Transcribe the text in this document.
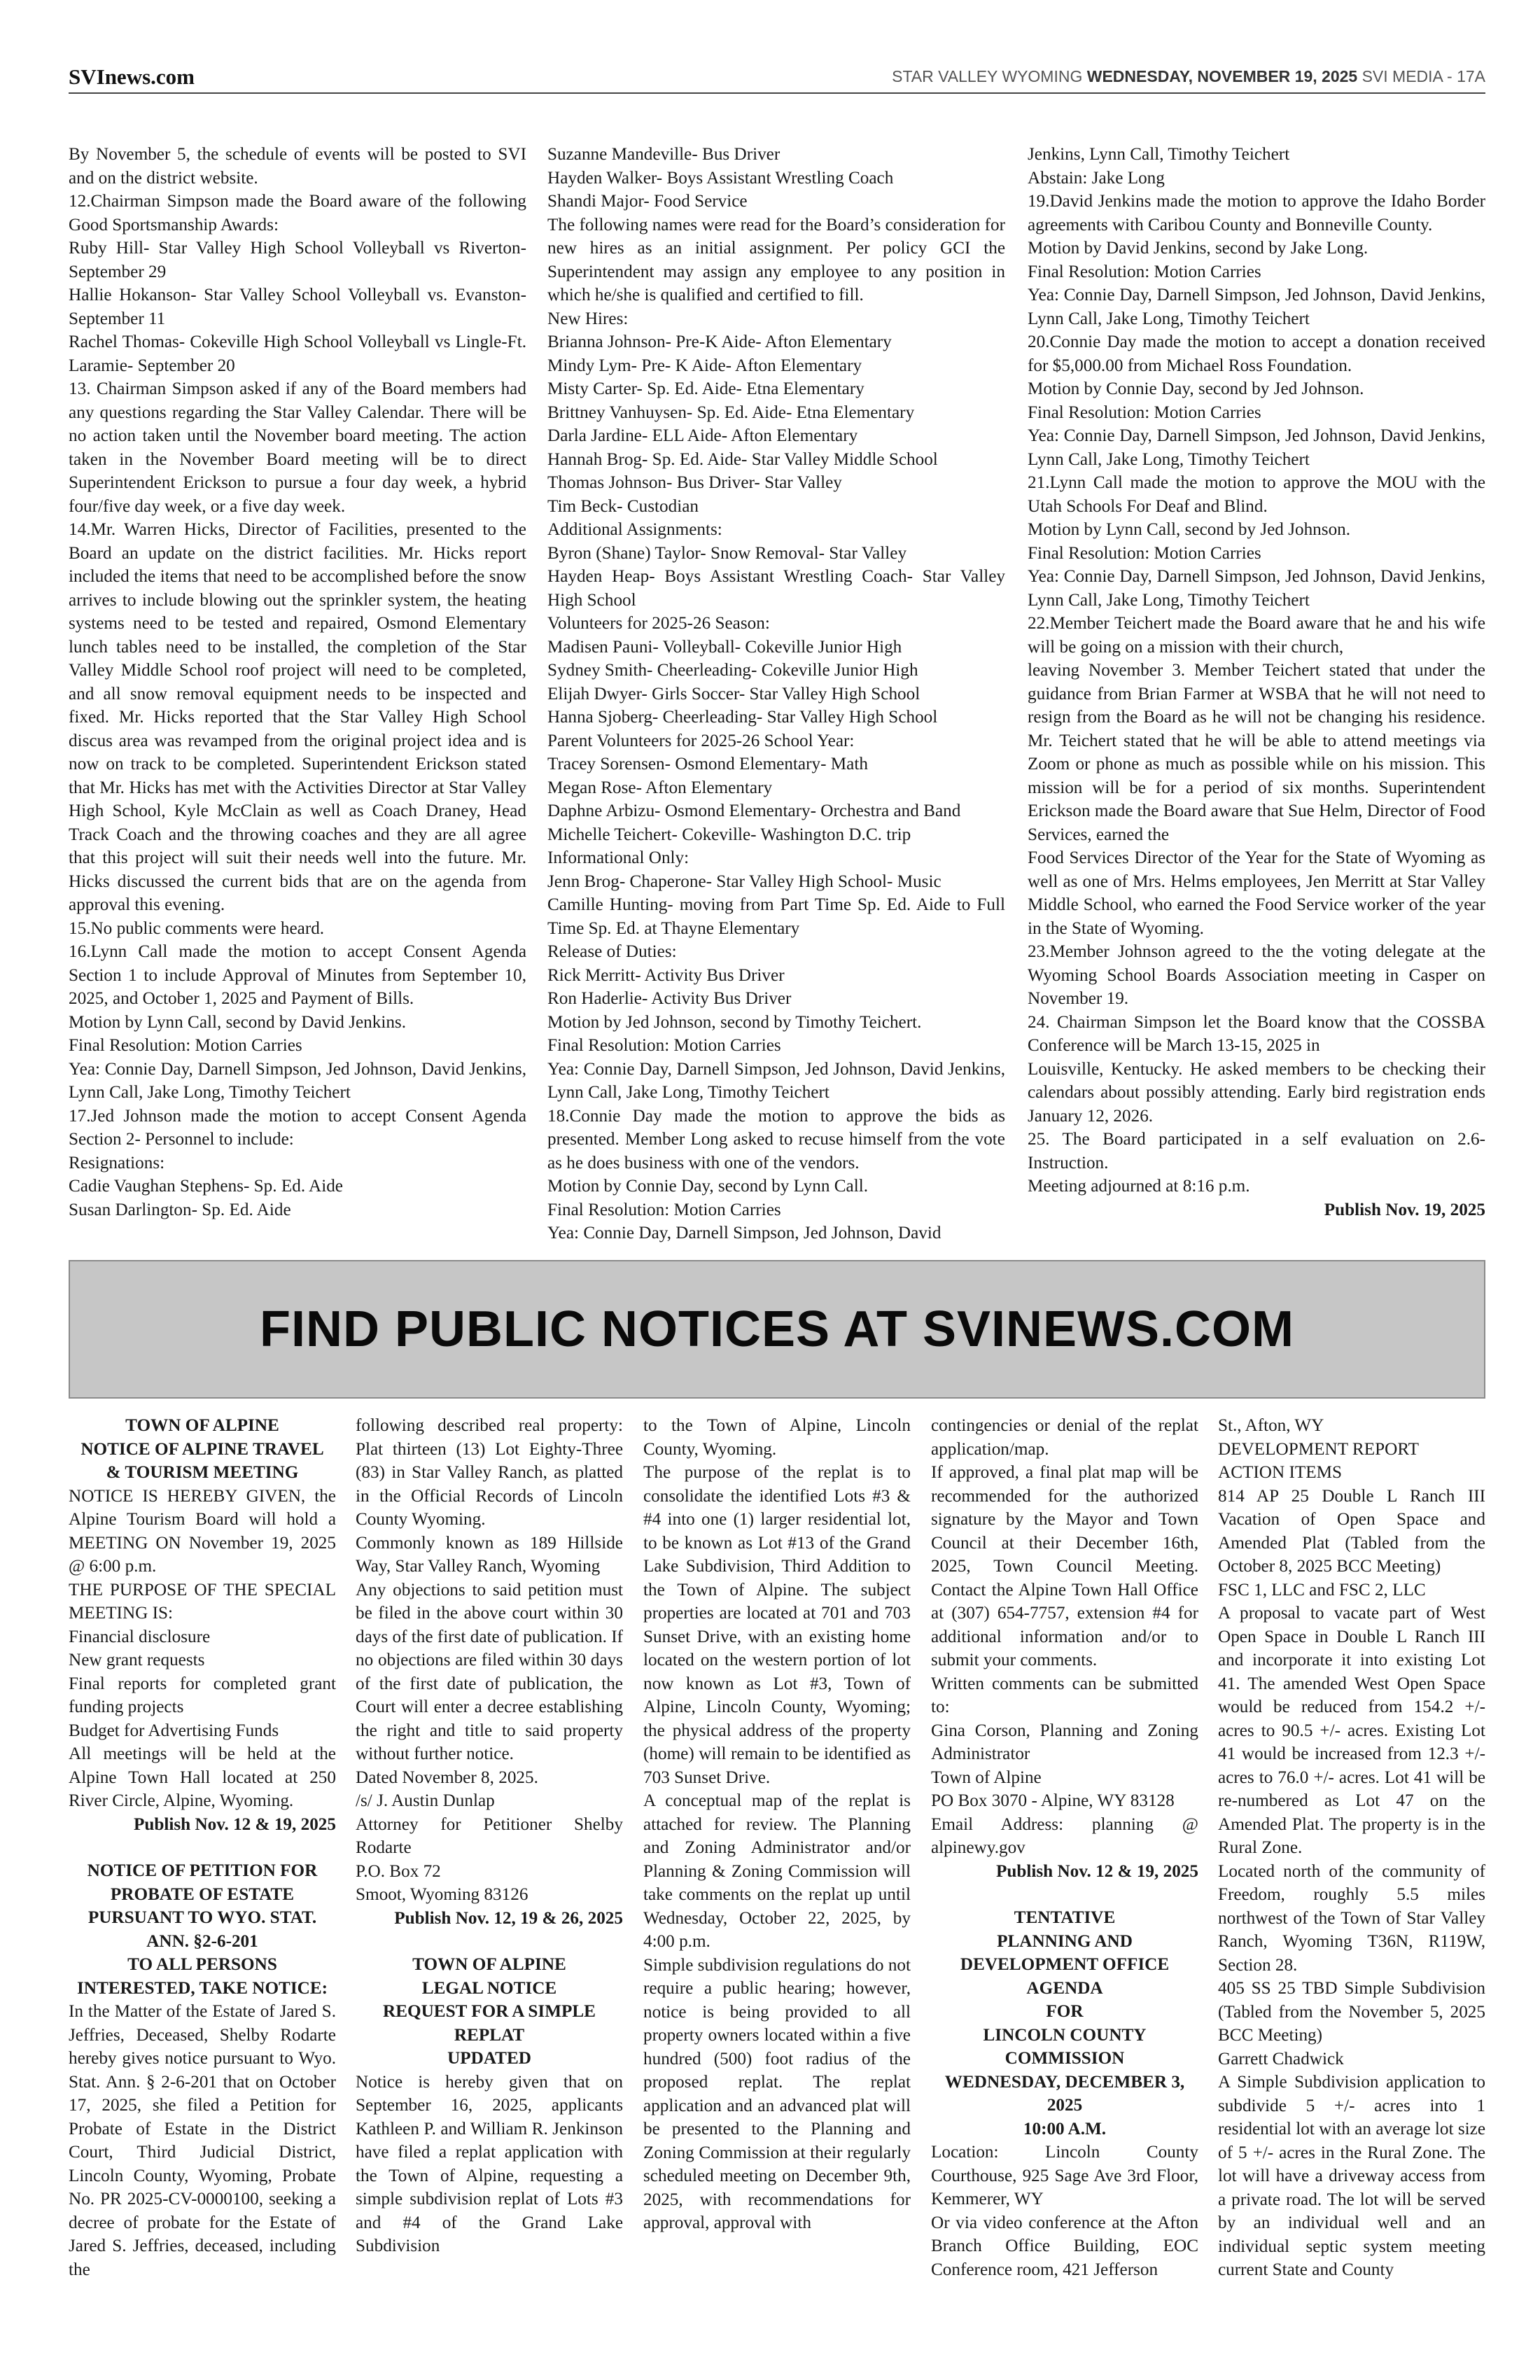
SVInews.com	STAR VALLEY WYOMING WEDNESDAY, NOVEMBER 19, 2025 SVI MEDIA - 17A

By November 5, the schedule of events will be posted to SVI and on the district website.

12.Chairman Simpson made the Board aware of the following Good Sportsmanship Awards:

Ruby Hill- Star Valley High School Volleyball vs Riverton- September 29

Hallie Hokanson- Star Valley School Volleyball vs. Evanston- September 11

Rachel Thomas- Cokeville High School Volleyball vs Lingle-Ft. Laramie- September 20

13. Chairman Simpson asked if any of the Board members had any questions regarding the Star Valley Calendar. There will be no action taken until the November board meeting. The action taken in the November Board meeting will be to direct Superintendent Erickson to pursue a four day week, a hybrid four/five day week, or a five day week.

14.Mr. Warren Hicks, Director of Facilities, presented to the Board an update on the district facilities. Mr. Hicks report included the items that need to be accomplished before the snow arrives to include blowing out the sprinkler system, the heating systems need to be tested and repaired, Osmond Elementary lunch tables need to be installed, the completion of the Star Valley Middle School roof project will need to be completed, and all snow removal equipment needs to be inspected and fixed. Mr. Hicks reported that the Star Valley High School discus area was revamped from the original project idea and is now on track to be completed. Superintendent Erickson stated that Mr. Hicks has met with the Activities Director at Star Valley High School, Kyle McClain as well as Coach Draney, Head Track Coach and the throwing coaches and they are all agree that this project will suit their needs well into the future. Mr. Hicks discussed the current bids that are on the agenda from approval this evening.

15.No public comments were heard.

16.Lynn Call made the motion to accept Consent Agenda Section 1 to include Approval of Minutes from September 10, 2025, and October 1, 2025 and Payment of Bills.

Motion by Lynn Call, second by David Jenkins.

Final Resolution: Motion Carries

Yea: Connie Day, Darnell Simpson, Jed Johnson, David Jenkins, Lynn Call, Jake Long, Timothy Teichert

17.Jed Johnson made the motion to accept Consent Agenda Section 2- Personnel to include:

Resignations:

Cadie Vaughan Stephens- Sp. Ed. Aide

Susan Darlington- Sp. Ed. Aide

Suzanne Mandeville- Bus Driver

Hayden Walker- Boys Assistant Wrestling Coach

Shandi Major- Food Service

The following names were read for the Board’s consideration for new hires as an initial assignment. Per policy GCI the Superintendent may assign any employee to any position in which he/she is qualified and certified to fill.

New Hires:

Brianna Johnson- Pre-K Aide- Afton Elementary

Mindy Lym- Pre- K Aide- Afton Elementary

Misty Carter- Sp. Ed. Aide- Etna Elementary

Brittney Vanhuysen- Sp. Ed. Aide- Etna Elementary

Darla Jardine- ELL Aide- Afton Elementary

Hannah Brog- Sp. Ed. Aide- Star Valley Middle School

Thomas Johnson- Bus Driver- Star Valley

Tim Beck- Custodian

Additional Assignments:

Byron (Shane) Taylor- Snow Removal- Star Valley

Hayden Heap- Boys Assistant Wrestling Coach- Star Valley High School

Volunteers for 2025-26 Season:

Madisen Pauni- Volleyball- Cokeville Junior High

Sydney Smith- Cheerleading- Cokeville Junior High

Elijah Dwyer- Girls Soccer- Star Valley High School

Hanna Sjoberg- Cheerleading- Star Valley High School

Parent Volunteers for 2025-26 School Year:

Tracey Sorensen- Osmond Elementary- Math

Megan Rose- Afton Elementary

Daphne Arbizu- Osmond Elementary- Orchestra and Band

Michelle Teichert- Cokeville- Washington D.C. trip

Informational Only:

Jenn Brog- Chaperone- Star Valley High School- Music

Camille Hunting- moving from Part Time Sp. Ed. Aide to Full Time Sp. Ed. at Thayne Elementary

Release of Duties:

Rick Merritt- Activity Bus Driver

Ron Haderlie- Activity Bus Driver

Motion by Jed Johnson, second by Timothy Teichert.

Final Resolution: Motion Carries

Yea: Connie Day, Darnell Simpson, Jed Johnson, David Jenkins, Lynn Call, Jake Long, Timothy Teichert

18.Connie Day made the motion to approve the bids as presented. Member Long asked to recuse himself from the vote as he does business with one of the vendors.

Motion by Connie Day, second by Lynn Call.

Final Resolution: Motion Carries

Yea: Connie Day, Darnell Simpson, Jed Johnson, David

Jenkins, Lynn Call, Timothy Teichert

Abstain: Jake Long

19.David Jenkins made the motion to approve the Idaho Border agreements with Caribou County and Bonneville County.

Motion by David Jenkins, second by Jake Long.

Final Resolution: Motion Carries

Yea: Connie Day, Darnell Simpson, Jed Johnson, David Jenkins, Lynn Call, Jake Long, Timothy Teichert

20.Connie Day made the motion to accept a donation received for $5,000.00 from Michael Ross Foundation.

Motion by Connie Day, second by Jed Johnson.

Final Resolution: Motion Carries

Yea: Connie Day, Darnell Simpson, Jed Johnson, David Jenkins, Lynn Call, Jake Long, Timothy Teichert

21.Lynn Call made the motion to approve the MOU with the Utah Schools For Deaf and Blind.

Motion by Lynn Call, second by Jed Johnson.

Final Resolution: Motion Carries

Yea: Connie Day, Darnell Simpson, Jed Johnson, David Jenkins, Lynn Call, Jake Long, Timothy Teichert

22.Member Teichert made the Board aware that he and his wife will be going on a mission with their church,

leaving November 3. Member Teichert stated that under the guidance from Brian Farmer at WSBA that he will not need to resign from the Board as he will not be changing his residence. Mr. Teichert stated that he will be able to attend meetings via Zoom or phone as much as possible while on his mission. This mission will be for a period of six months. Superintendent Erickson made the Board aware that Sue Helm, Director of Food Services, earned the

Food Services Director of the Year for the State of Wyoming as well as one of Mrs. Helms employees, Jen Merritt at Star Valley Middle School, who earned the Food Service worker of the year in the State of Wyoming.

23.Member Johnson agreed to the the voting delegate at the Wyoming School Boards Association meeting in Casper on November 19.

24. Chairman Simpson let the Board know that the COSSBA Conference will be March 13-15, 2025 in

Louisville, Kentucky. He asked members to be checking their calendars about possibly attending. Early bird registration ends January 12, 2026.

25. The Board participated in a self evaluation on 2.6-Instruction.

Meeting adjourned at 8:16 p.m.

Publish Nov. 19, 2025

FIND PUBLIC NOTICES AT SVINEWS.COM

TOWN OF ALPINE

NOTICE OF ALPINE TRAVEL

& TOURISM MEETING

NOTICE IS HEREBY GIVEN, the Alpine Tourism Board will hold a MEETING ON November 19, 2025 @ 6:00 p.m.

THE PURPOSE OF THE SPECIAL MEETING IS:

Financial disclosure

New grant requests

Final reports for completed grant funding projects

Budget for Advertising Funds

All meetings will be held at the Alpine Town Hall located at 250 River Circle, Alpine, Wyoming.

Publish Nov. 12 & 19, 2025

NOTICE OF PETITION FOR

PROBATE OF ESTATE

PURSUANT TO WYO. STAT.

ANN. §2-6-201

TO ALL PERSONS

INTERESTED, TAKE NOTICE:

In the Matter of the Estate of Jared S. Jeffries, Deceased, Shelby Rodarte hereby gives notice pursuant to Wyo. Stat. Ann. § 2-6-201 that on October 17, 2025, she filed a Petition for Probate of Estate in the District Court, Third Judicial District, Lincoln County, Wyoming, Probate No. PR 2025-CV-0000100, seeking a decree of probate for the Estate of Jared S. Jeffries, deceased, including the

following described real property: Plat thirteen (13) Lot Eighty-Three (83) in Star Valley Ranch, as platted in the Official Records of Lincoln County Wyoming.

Commonly known as 189 Hillside Way, Star Valley Ranch, Wyoming

Any objections to said petition must be filed in the above court within 30 days of the first date of publication. If no objections are filed within 30 days of the first date of publication, the Court will enter a decree establishing the right and title to said property without further notice.

Dated November 8, 2025.

/s/ J. Austin Dunlap

Attorney for Petitioner Shelby Rodarte

P.O. Box 72

Smoot, Wyoming 83126

Publish Nov. 12, 19 & 26, 2025

TOWN OF ALPINE

LEGAL NOTICE

REQUEST FOR A SIMPLE

REPLAT

UPDATED

Notice is hereby given that on September 16, 2025, applicants Kathleen P. and William R. Jenkinson have filed a replat application with the Town of Alpine, requesting a simple subdivision replat of Lots #3 and #4 of the Grand Lake Subdivision

to the Town of Alpine, Lincoln County, Wyoming.

The purpose of the replat is to consolidate the identified Lots #3 & #4 into one (1) larger residential lot, to be known as Lot #13 of the Grand Lake Subdivision, Third Addition to the Town of Alpine. The subject properties are located at 701 and 703 Sunset Drive, with an existing home located on the western portion of lot now known as Lot #3, Town of Alpine, Lincoln County, Wyoming; the physical address of the property (home) will remain to be identified as 703 Sunset Drive.

A conceptual map of the replat is attached for review. The Planning and Zoning Administrator and/or Planning & Zoning Commission will take comments on the replat up until Wednesday, October 22, 2025, by 4:00 p.m.

Simple subdivision regulations do not require a public hearing; however, notice is being provided to all property owners located within a five hundred (500) foot radius of the proposed replat. The replat application and an advanced plat will be presented to the Planning and Zoning Commission at their regularly scheduled meeting on December 9th, 2025, with recommendations for approval, approval with

contingencies or denial of the replat application/map.

If approved, a final plat map will be recommended for the authorized signature by the Mayor and Town Council at their December 16th, 2025, Town Council Meeting. Contact the Alpine Town Hall Office at (307) 654-7757, extension #4 for additional information and/or to submit your comments.

Written comments can be submitted to:

Gina Corson, Planning and Zoning Administrator

Town of Alpine

PO Box 3070 - Alpine, WY 83128

Email Address: planning @ alpinewy.gov

Publish Nov. 12 & 19, 2025

TENTATIVE

PLANNING AND

DEVELOPMENT OFFICE

AGENDA

FOR

LINCOLN COUNTY

COMMISSION

WEDNESDAY, DECEMBER 3,

2025

10:00 A.M.

Location: Lincoln County Courthouse, 925 Sage Ave 3rd Floor, Kemmerer, WY

Or via video conference at the Afton Branch Office Building, EOC Conference room, 421 Jefferson

St., Afton, WY

DEVELOPMENT REPORT

ACTION ITEMS

814 AP 25 Double L Ranch III Vacation of Open Space and Amended Plat (Tabled from the October 8, 2025 BCC Meeting)

FSC 1, LLC and FSC 2, LLC

A proposal to vacate part of West Open Space in Double L Ranch III and incorporate it into existing Lot 41. The amended West Open Space would be reduced from 154.2 +/- acres to 90.5 +/- acres. Existing Lot 41 would be increased from 12.3 +/- acres to 76.0 +/- acres. Lot 41 will be re-numbered as Lot 47 on the Amended Plat. The property is in the Rural Zone.

Located north of the community of Freedom, roughly 5.5 miles northwest of the Town of Star Valley Ranch, Wyoming T36N, R119W, Section 28.

405 SS 25 TBD Simple Subdivision (Tabled from the November 5, 2025 BCC Meeting)

Garrett Chadwick

A Simple Subdivision application to subdivide 5 +/- acres into 1 residential lot with an average lot size of 5 +/- acres in the Rural Zone. The lot will have a driveway access from a private road. The lot will be served by an individual well and an individual septic system meeting current State and County
